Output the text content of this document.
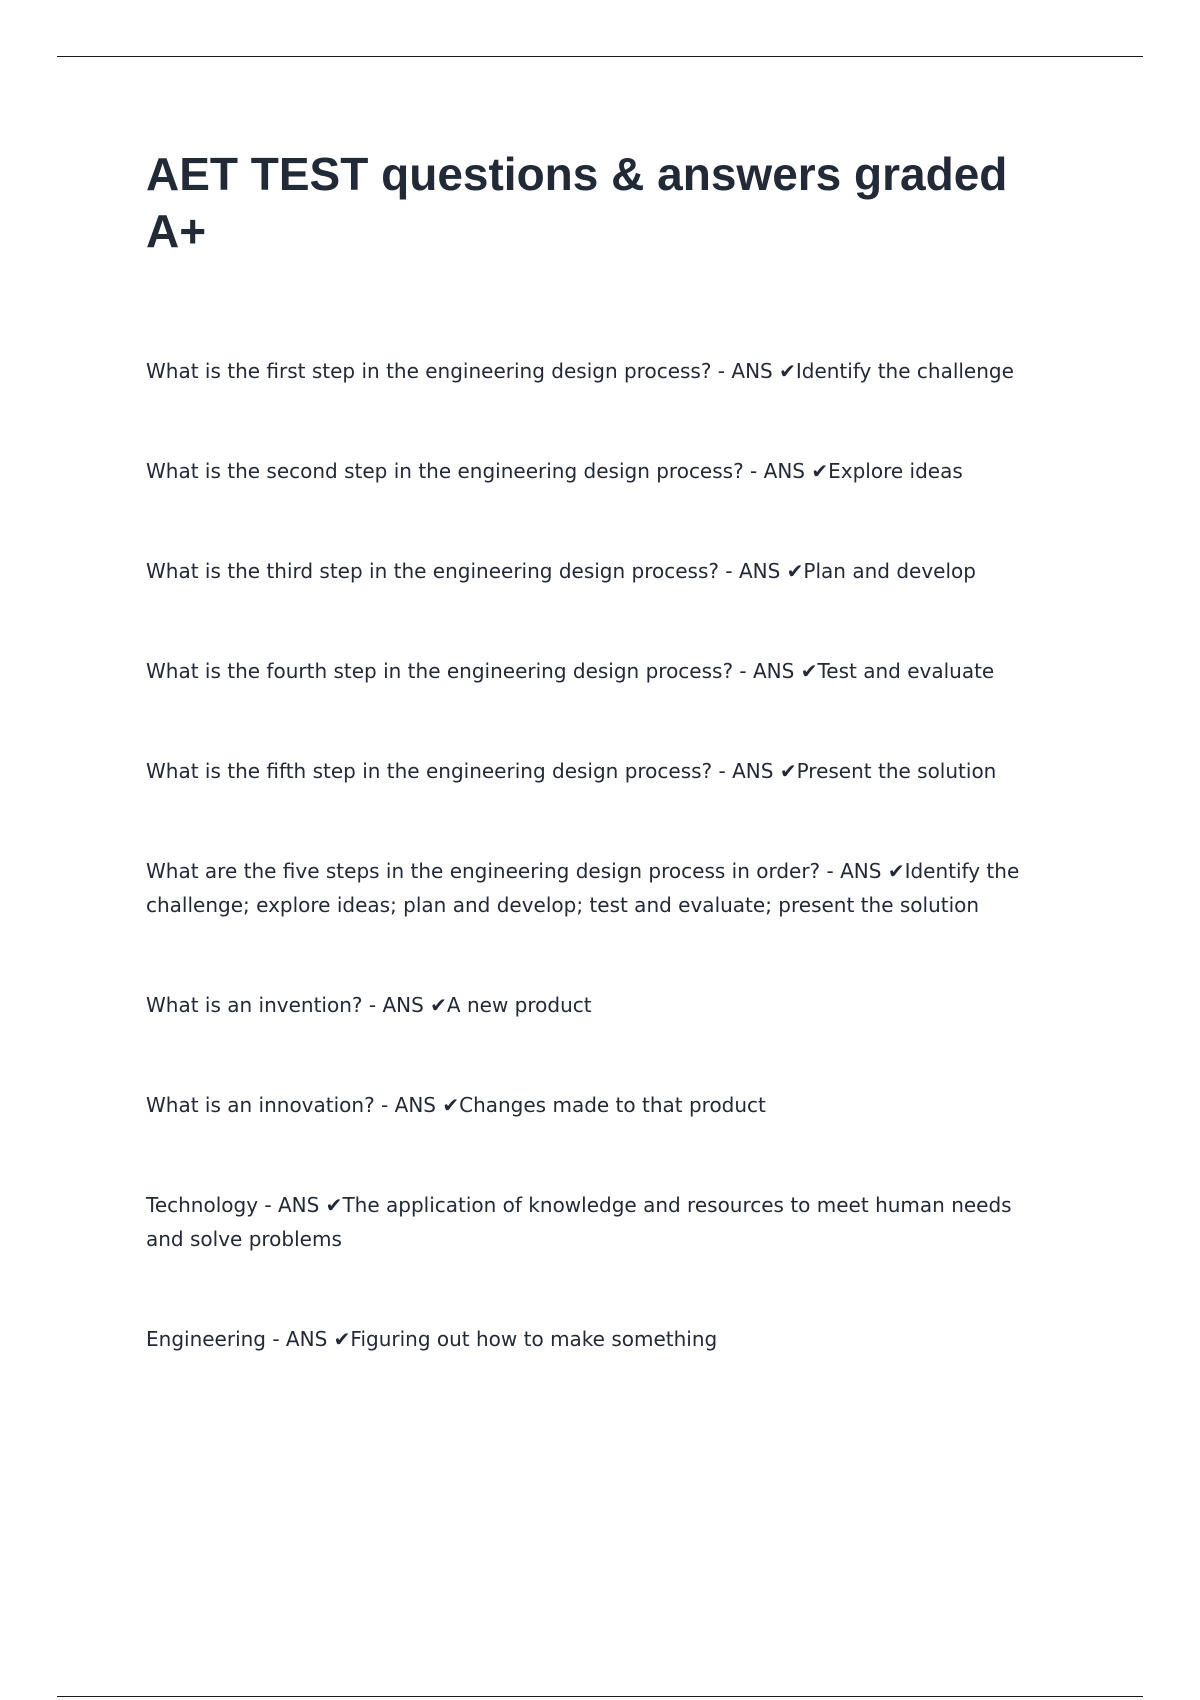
AET TEST questions & answers graded A+
What is the first step in the engineering design process? - ANS ✔Identify the challenge
What is the second step in the engineering design process? - ANS ✔Explore ideas
What is the third step in the engineering design process? - ANS ✔Plan and develop
What is the fourth step in the engineering design process? - ANS ✔Test and evaluate
What is the fifth step in the engineering design process? - ANS ✔Present the solution
What are the five steps in the engineering design process in order? - ANS ✔Identify the challenge; explore ideas; plan and develop; test and evaluate; present the solution
What is an invention? - ANS ✔A new product
What is an innovation? - ANS ✔Changes made to that product
Technology - ANS ✔The application of knowledge and resources to meet human needs and solve problems
Engineering - ANS ✔Figuring out how to make something
